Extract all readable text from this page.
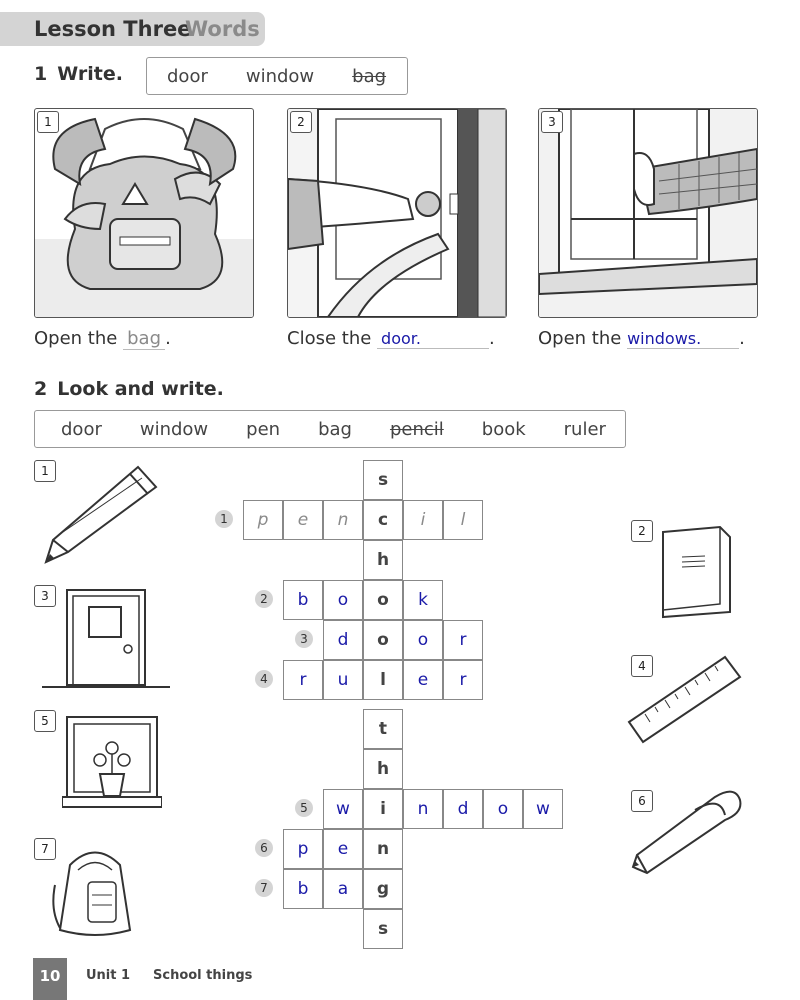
Lesson Three
Words
1 Write. door window bag
1	2	3
Open the bag .	Close the door.	. Open the windows. .
2 Look and write.
door window pen bag pencil book ruler
1
2
3
4
5
6
7
s
h
1	p	e	n	c	i	l
2	b	o	o	k
3	d	o	o	r
4	r	u	l	e	r
t
h
5	w	i	n	d	o	w
6	p	e	n
7	b	a	g
s
10	Unit 1 School things
